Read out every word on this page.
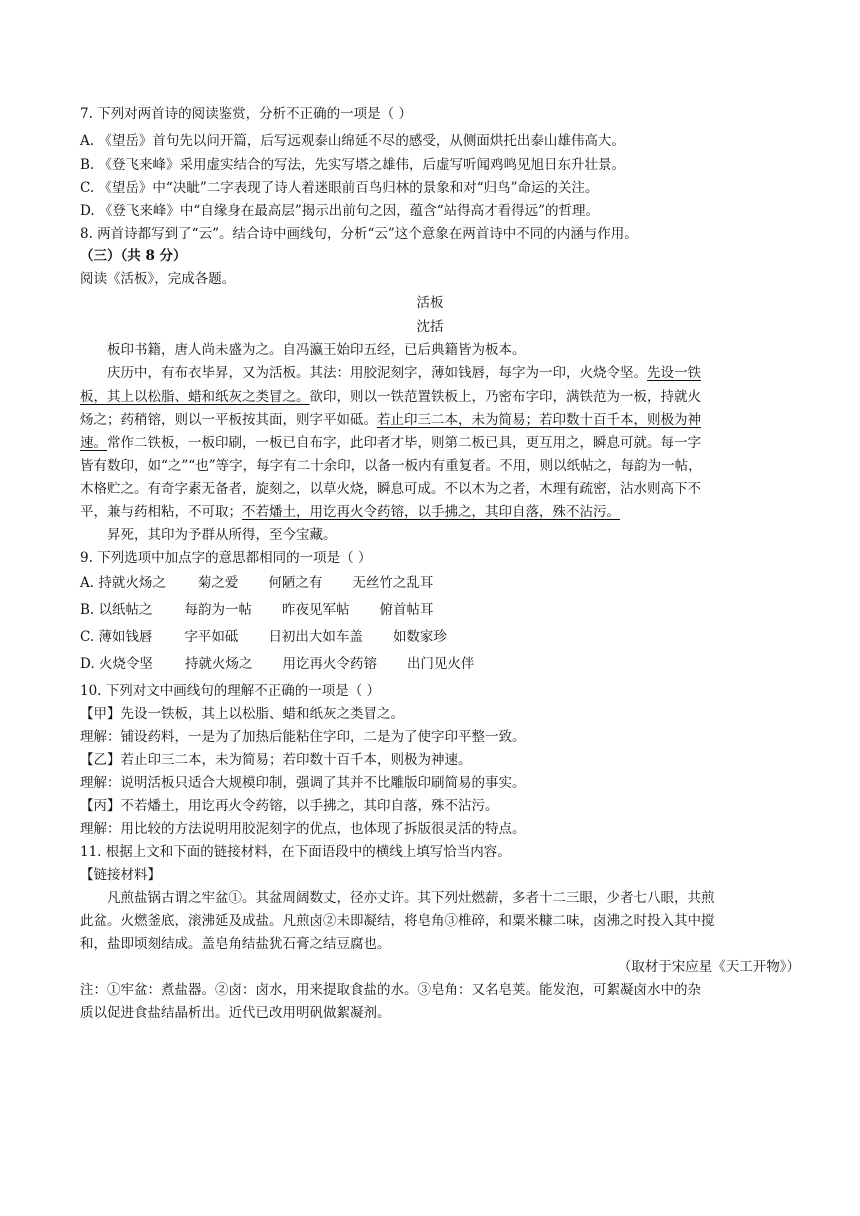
7. 下列对两首诗的阅读鉴赏，分析不正确的一项是（ ）
A. 《望岳》首句先以问开篇，后写远观泰山绵延不尽的感受，从侧面烘托出泰山雄伟高大。
B. 《登飞来峰》采用虚实结合的写法，先实写塔之雄伟，后虚写听闻鸡鸣见旭日东升壮景。
C. 《望岳》中“决眦”二字表现了诗人着迷眼前百鸟归林的景象和对“归鸟”命运的关注。
D. 《登飞来峰》中“自缘身在最高层”揭示出前句之因，蕴含“站得高才看得远”的哲理。
8. 两首诗都写到了“云”。结合诗中画线句，分析“云”这个意象在两首诗中不同的内涵与作用。
（三）（共 8 分）
阅读《活板》，完成各题。
活板
沈括
板印书籍，唐人尚未盛为之。自冯瀛王始印五经，已后典籍皆为板本。
庆历中，有布衣毕昇，又为活板。其法：用胶泥刻字，薄如钱唇，每字为一印，火烧令坚。先设一铁
板，其上以松脂、蜡和纸灰之类冒之。欲印，则以一铁范置铁板上，乃密布字印，满铁范为一板，持就火
炀之；药稍镕，则以一平板按其面，则字平如砥。若止印三二本，未为简易；若印数十百千本，则极为神
速。常作二铁板，一板印刷，一板已自布字，此印者才毕，则第二板已具，更互用之，瞬息可就。每一字
皆有数印，如“之”“也”等字，每字有二十余印，以备一板内有重复者。不用，则以纸帖之，每韵为一帖，
木格贮之。有奇字素无备者，旋刻之，以草火烧，瞬息可成。不以木为之者，木理有疏密，沾水则高下不
平，兼与药相粘，不可取；不若燔土，用讫再火令药镕，以手拂之，其印自落，殊不沾污。
昇死，其印为予群从所得，至今宝藏。
9. 下列选项中加点字的意思都相同的一项是（ ）
A. 持就火炀之 菊之爱 何陋之有 无丝竹之乱耳
B. 以纸帖之 每韵为一帖 昨夜见军帖 俯首帖耳
C. 薄如钱唇 字平如砥 日初出大如车盖 如数家珍
D. 火烧令坚 持就火炀之 用讫再火令药镕 出门见火伴
10. 下列对文中画线句的理解不正确的一项是（ ）
【甲】先设一铁板，其上以松脂、蜡和纸灰之类冒之。
理解：铺设药料，一是为了加热后能粘住字印，二是为了使字印平整一致。
【乙】若止印三二本，未为简易；若印数十百千本，则极为神速。
理解：说明活板只适合大规模印制，强调了其并不比雕版印刷简易的事实。
【丙】不若燔土，用讫再火令药镕，以手拂之，其印自落，殊不沾污。
理解：用比较的方法说明用胶泥刻字的优点，也体现了拆版很灵活的特点。
11. 根据上文和下面的链接材料，在下面语段中的横线上填写恰当内容。
【链接材料】
凡煎盐锅古谓之牢盆①。其盆周阔数丈，径亦丈许。其下列灶燃薪，多者十二三眼，少者七八眼，共煎
此盆。火燃釜底，滚沸延及成盐。凡煎卤②未即凝结，将皂角③椎碎，和粟米糠二味，卤沸之时投入其中搅
和，盐即顷刻结成。盖皂角结盐犹石膏之结豆腐也。
（取材于宋应星《天工开物》）
注：①牢盆：煮盐器。②卤：卤水，用来提取食盐的水。③皂角：又名皂荚。能发泡，可絮凝卤水中的杂
质以促进食盐结晶析出。近代已改用明矾做絮凝剂。
